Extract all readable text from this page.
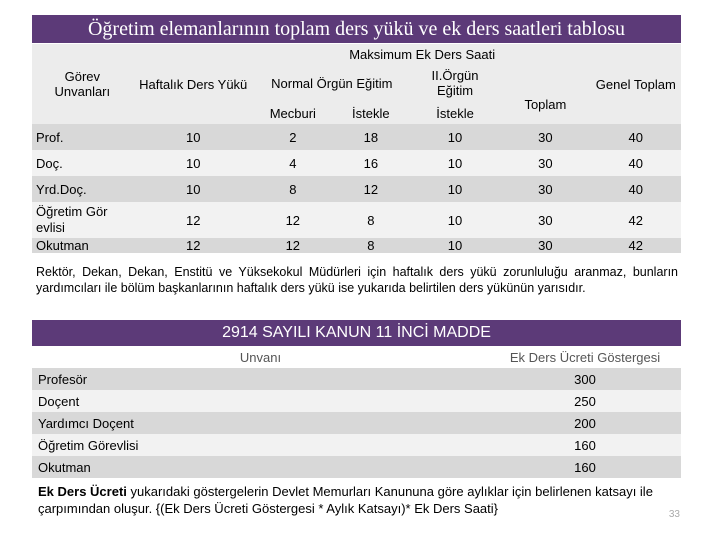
Öğretim elemanlarının toplam ders yükü ve ek ders saatleri tablosu
Görev Unvanları	Haftalık Ders Yükü	Maksimum Ek Ders Saati				Genel Toplam
		Normal Örgün Eğitim		II.Örgün Eğitim	Toplam	
		Mecburi	İstekle	İstekle		
Prof.	10	2	18	10	30	40
Doç.	10	4	16	10	30	40
Yrd.Doç.	10	8	12	10	30	40
Öğretim Gör evlisi	12	12	8	10	30	42
Okutman	12	12	8	10	30	42
Rektör, Dekan, Dekan, Enstitü ve Yüksekokul Müdürleri için haftalık ders yükü zorunluluğu aranmaz, bunların yardımcıları ile bölüm başkanlarının haftalık ders yükü ise yukarıda belirtilen ders yükünün yarısıdır.
2914 SAYILI KANUN 11 İNCİ MADDE
Unvanı	Ek Ders Ücreti Göstergesi
Profesör	300
Doçent	250
Yardımcı Doçent	200
Öğretim Görevlisi	160
Okutman	160
Ek Ders Ücreti yukarıdaki göstergelerin Devlet Memurları Kanununa göre aylıklar için belirlenen katsayı ile çarpımından oluşur. {(Ek Ders Ücreti Göstergesi * Aylık Katsayı)* Ek Ders Saati}	33
